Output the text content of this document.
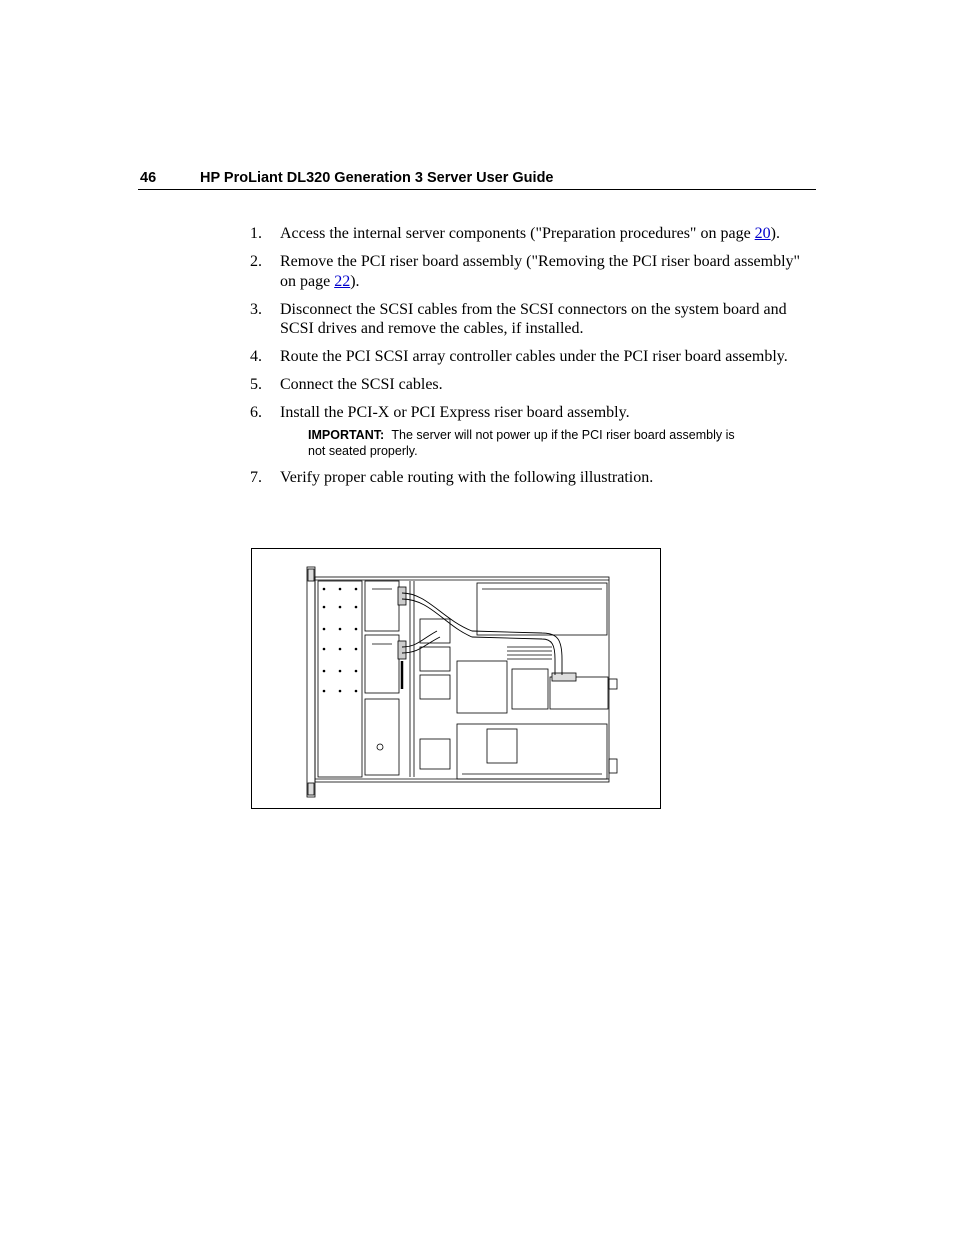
46	HP ProLiant DL320 Generation 3 Server User Guide
1. Access the internal server components ("Preparation procedures" on page 20).
2. Remove the PCI riser board assembly ("Removing the PCI riser board assembly" on page 22).
3. Disconnect the SCSI cables from the SCSI connectors on the system board and SCSI drives and remove the cables, if installed.
4. Route the PCI SCSI array controller cables under the PCI riser board assembly.
5. Connect the SCSI cables.
6. Install the PCI-X or PCI Express riser board assembly.
IMPORTANT: The server will not power up if the PCI riser board assembly is not seated properly.
7. Verify proper cable routing with the following illustration.
